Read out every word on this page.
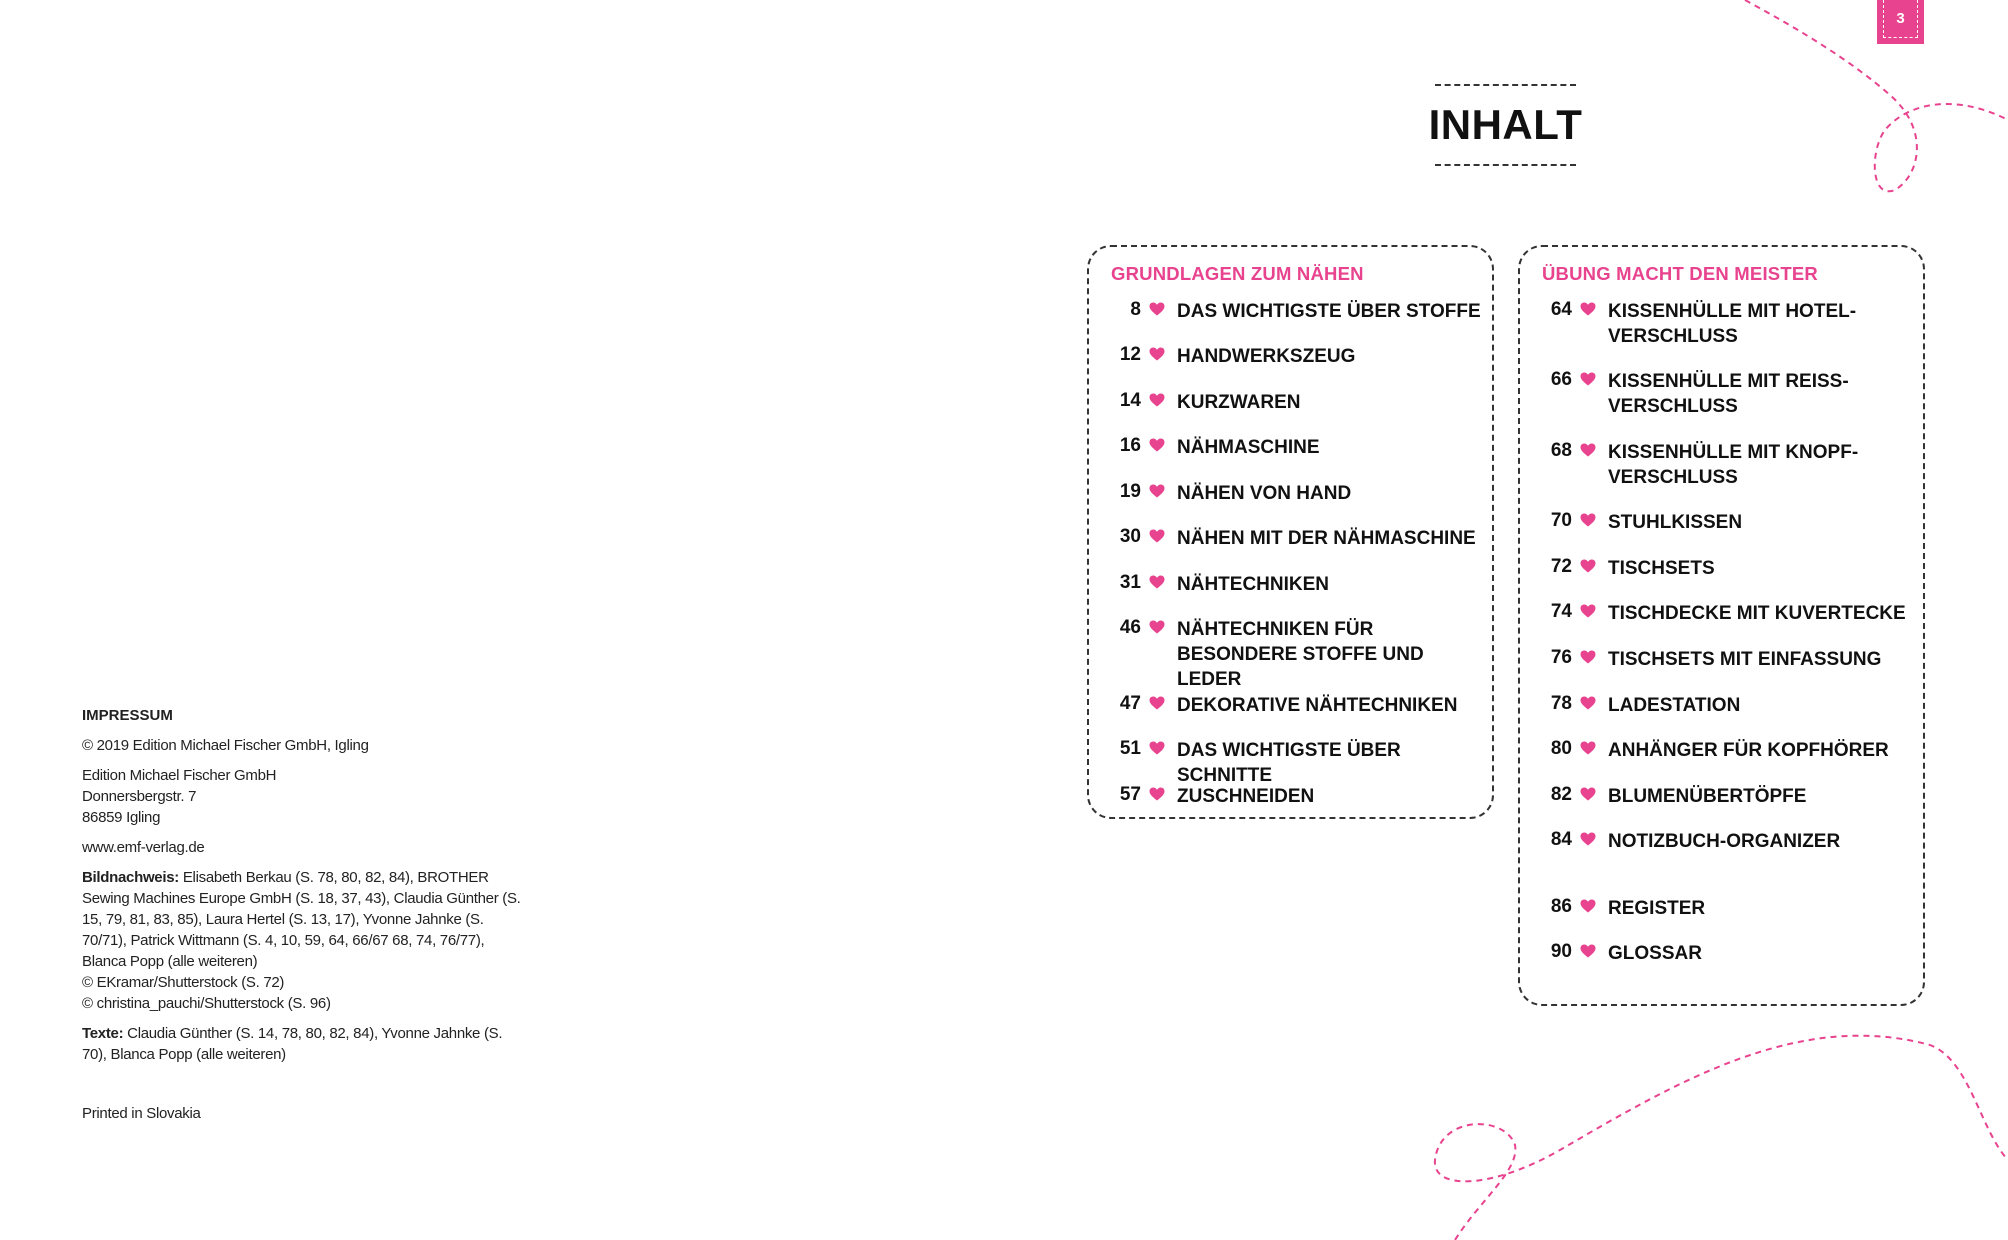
3
INHALT
GRUNDLAGEN ZUM NÄHEN
8 DAS WICHTIGSTE ÜBER STOFFE
12 HANDWERKSZEUG
14 KURZWAREN
16 NÄHMASCHINE
19 NÄHEN VON HAND
30 NÄHEN MIT DER NÄHMASCHINE
31 NÄHTECHNIKEN
46 NÄHTECHNIKEN FÜR BESONDERE STOFFE UND LEDER
47 DEKORATIVE NÄHTECHNIKEN
51 DAS WICHTIGSTE ÜBER SCHNITTE
57 ZUSCHNEIDEN
ÜBUNG MACHT DEN MEISTER
64 KISSENHÜLLE MIT HOTEL-VERSCHLUSS
66 KISSENHÜLLE MIT REISS-VERSCHLUSS
68 KISSENHÜLLE MIT KNOPF-VERSCHLUSS
70 STUHLKISSEN
72 TISCHSETS
74 TISCHDECKE MIT KUVERTECKE
76 TISCHSETS MIT EINFASSUNG
78 LADESTATION
80 ANHÄNGER FÜR KOPFHÖRER
82 BLUMENÜBERTÖPFE
84 NOTIZBUCH-ORGANIZER
86 REGISTER
90 GLOSSAR

IMPRESSUM

© 2019 Edition Michael Fischer GmbH, Igling

Edition Michael Fischer GmbH
Donnersbergstr. 7
86859 Igling

www.emf-verlag.de

Bildnachweis: Elisabeth Berkau (S. 78, 80, 82, 84), BROTHER Sewing Machines Europe GmbH (S. 18, 37, 43), Claudia Günther (S. 15, 79, 81, 83, 85), Laura Hertel (S. 13, 17), Yvonne Jahnke (S. 70/71), Patrick Wittmann (S. 4, 10, 59, 64, 66/67 68, 74, 76/77), Blanca Popp (alle weiteren)
© EKramar/Shutterstock (S. 72)
© christina_pauchi/Shutterstock (S. 96)

Texte: Claudia Günther (S. 14, 78, 80, 82, 84), Yvonne Jahnke (S. 70), Blanca Popp (alle weiteren)

Printed in Slovakia
